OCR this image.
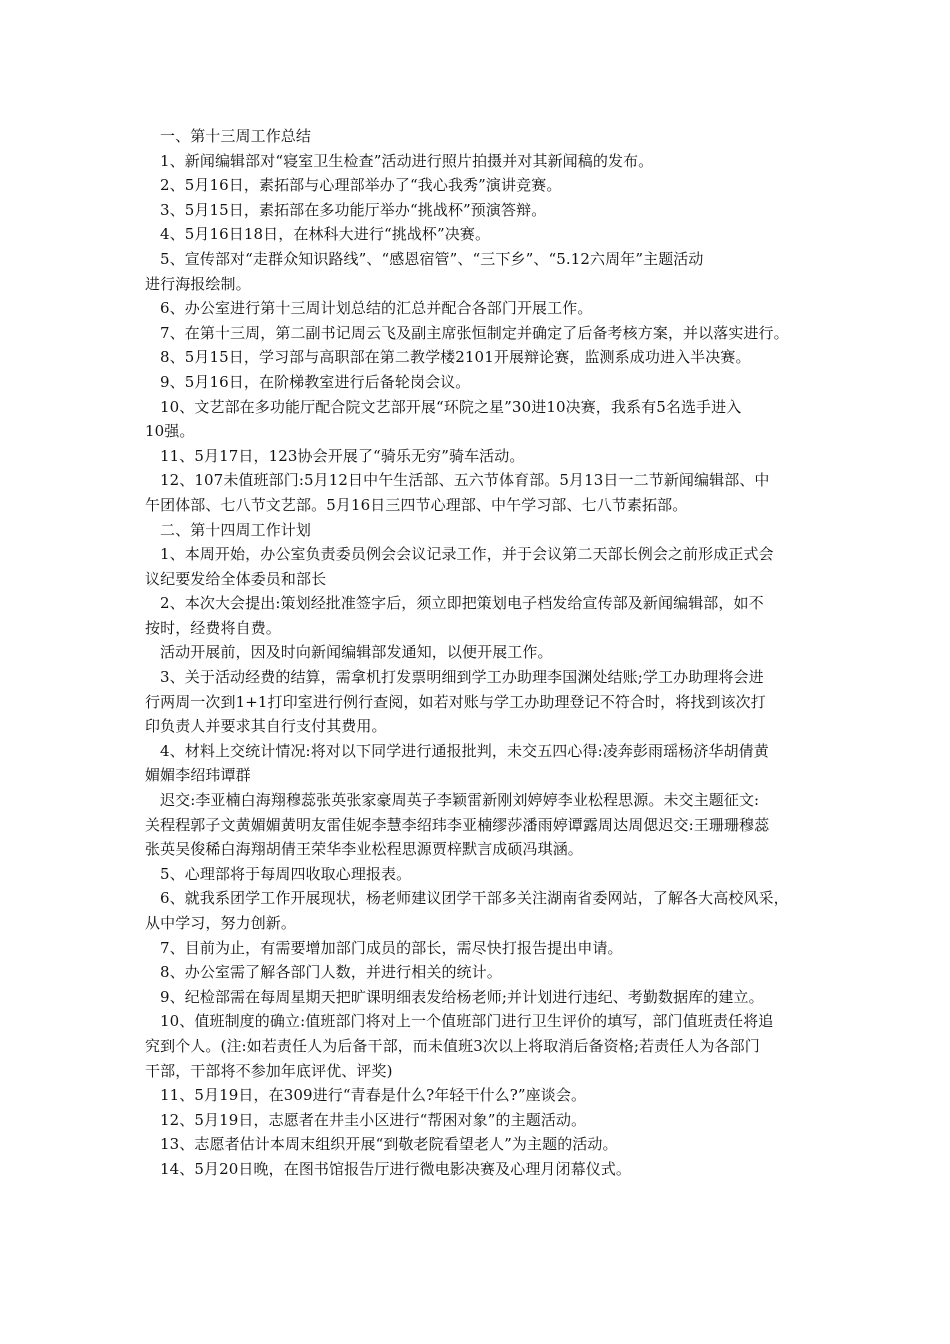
一、第十三周工作总结

1、新闻编辑部对“寝室卫生检查”活动进行照片拍摄并对其新闻稿的发布。

2、5月16日，素拓部与心理部举办了“我心我秀”演讲竞赛。

3、5月15日，素拓部在多功能厅举办“挑战杯”预演答辩。

4、5月16日18日，在林科大进行“挑战杯”决赛。

5、宣传部对“走群众知识路线”、“感恩宿管”、“三下乡”、“5.12六周年”主题活动

进行海报绘制。

6、办公室进行第十三周计划总结的汇总并配合各部门开展工作。

7、在第十三周，第二副书记周云飞及副主席张恒制定并确定了后备考核方案，并以落实进行。

8、5月15日，学习部与高职部在第二教学楼2101开展辩论赛，监测系成功进入半决赛。

9、5月16日，在阶梯教室进行后备轮岗会议。

10、文艺部在多功能厅配合院文艺部开展“环院之星”30进10决赛，我系有5名选手进入

10强。

11、5月17日，123协会开展了“骑乐无穷”骑车活动。

12、107未值班部门:5月12日中午生活部、五六节体育部。5月13日一二节新闻编辑部、中

午团体部、七八节文艺部。5月16日三四节心理部、中午学习部、七八节素拓部。

二、第十四周工作计划

1、本周开始，办公室负责委员例会会议记录工作，并于会议第二天部长例会之前形成正式会

议纪要发给全体委员和部长

2、本次大会提出:策划经批准签字后，须立即把策划电子档发给宣传部及新闻编辑部，如不

按时，经费将自费。

活动开展前，因及时向新闻编辑部发通知，以便开展工作。

3、关于活动经费的结算，需拿机打发票明细到学工办助理李国渊处结账;学工办助理将会进

行两周一次到1+1打印室进行例行查阅，如若对账与学工办助理登记不符合时，将找到该次打

印负责人并要求其自行支付其费用。

4、材料上交统计情况:将对以下同学进行通报批判，未交五四心得:凌奔彭雨瑶杨济华胡倩黄

媚媚李绍玮谭群

迟交:李亚楠白海翔穆蕊张英张家豪周英子李颖雷新刚刘婷婷李业松程思源。未交主题征文:

关程程郭子文黄媚媚黄明友雷佳妮李慧李绍玮李亚楠缪莎潘雨婷谭露周达周偲迟交:王珊珊穆蕊

张英吴俊稀白海翔胡倩王荣华李业松程思源贾梓默言成硕冯琪涵。

5、心理部将于每周四收取心理报表。

6、就我系团学工作开展现状，杨老师建议团学干部多关注湖南省委网站，了解各大高校风采，

从中学习，努力创新。

7、目前为止，有需要增加部门成员的部长，需尽快打报告提出申请。

8、办公室需了解各部门人数，并进行相关的统计。

9、纪检部需在每周星期天把旷课明细表发给杨老师;并计划进行违纪、考勤数据库的建立。

10、值班制度的确立:值班部门将对上一个值班部门进行卫生评价的填写，部门值班责任将追

究到个人。(注:如若责任人为后备干部，而未值班3次以上将取消后备资格;若责任人为各部门

干部，干部将不参加年底评优、评奖)

11、5月19日，在309进行“青春是什么?年轻干什么?”座谈会。

12、5月19日，志愿者在井圭小区进行“帮困对象”的主题活动。

13、志愿者估计本周末组织开展“到敬老院看望老人”为主题的活动。

14、5月20日晚，在图书馆报告厅进行微电影决赛及心理月闭幕仪式。
